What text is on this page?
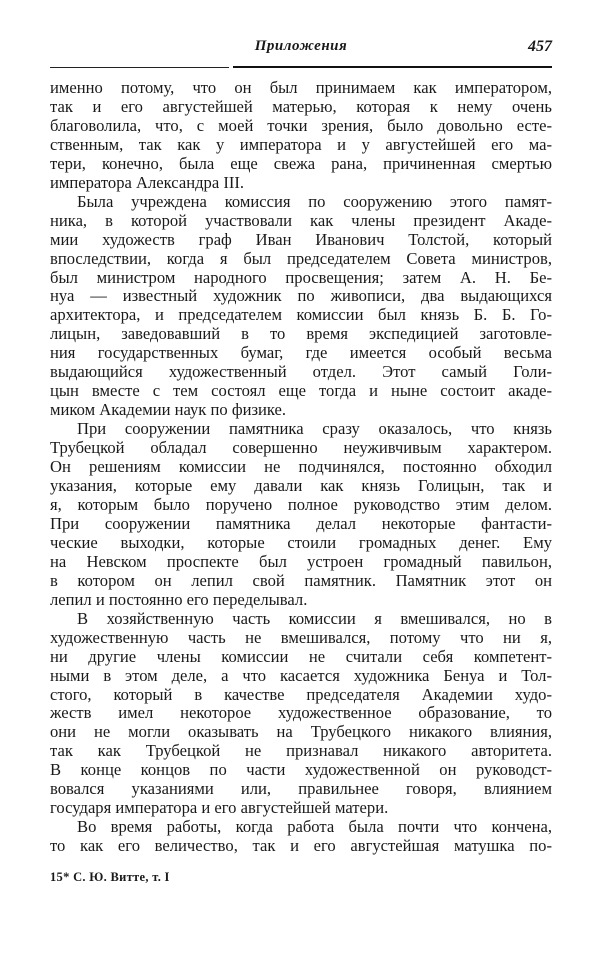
Приложения	457
именно потому, что он был принимаем как императором,
так и его августейшей матерью, которая к нему очень
благоволила, что, с моей точки зрения, было довольно есте-
ственным, так как у императора и у августейшей его ма-
тери, конечно, была еще свежа рана, причиненная смертью
императора Александра III.
Была учреждена комиссия по сооружению этого памят-
ника, в которой участвовали как члены президент Акаде-
мии художеств граф Иван Иванович Толстой, который
впоследствии, когда я был председателем Совета министров,
был министром народного просвещения; затем А. Н. Бе-
нуа — известный художник по живописи, два выдающихся
архитектора, и председателем комиссии был князь Б. Б. Го-
лицын, заведовавший в то время экспедицией заготовле-
ния государственных бумаг, где имеется особый весьма
выдающийся художественный отдел. Этот самый Голи-
цын вместе с тем состоял еще тогда и ныне состоит акаде-
миком Академии наук по физике.
При сооружении памятника сразу оказалось, что князь
Трубецкой обладал совершенно неуживчивым характером.
Он решениям комиссии не подчинялся, постоянно обходил
указания, которые ему давали как князь Голицын, так и
я, которым было поручено полное руководство этим делом.
При сооружении памятника делал некоторые фантасти-
ческие выходки, которые стоили громадных денег. Ему
на Невском проспекте был устроен громадный павильон,
в котором он лепил свой памятник. Памятник этот он
лепил и постоянно его переделывал.
В хозяйственную часть комиссии я вмешивался, но в
художественную часть не вмешивался, потому что ни я,
ни другие члены комиссии не считали себя компетент-
ными в этом деле, а что касается художника Бенуа и Тол-
стого, который в качестве председателя Академии худо-
жеств имел некоторое художественное образование, то
они не могли оказывать на Трубецкого никакого влияния,
так как Трубецкой не признавал никакого авторитета.
В конце концов по части художественной он руководст-
вовался указаниями или, правильнее говоря, влиянием
государя императора и его августейшей матери.
Во время работы, когда работа была почти что кончена,
то как его величество, так и его августейшая матушка по-
15* С. Ю. Витте, т. I
